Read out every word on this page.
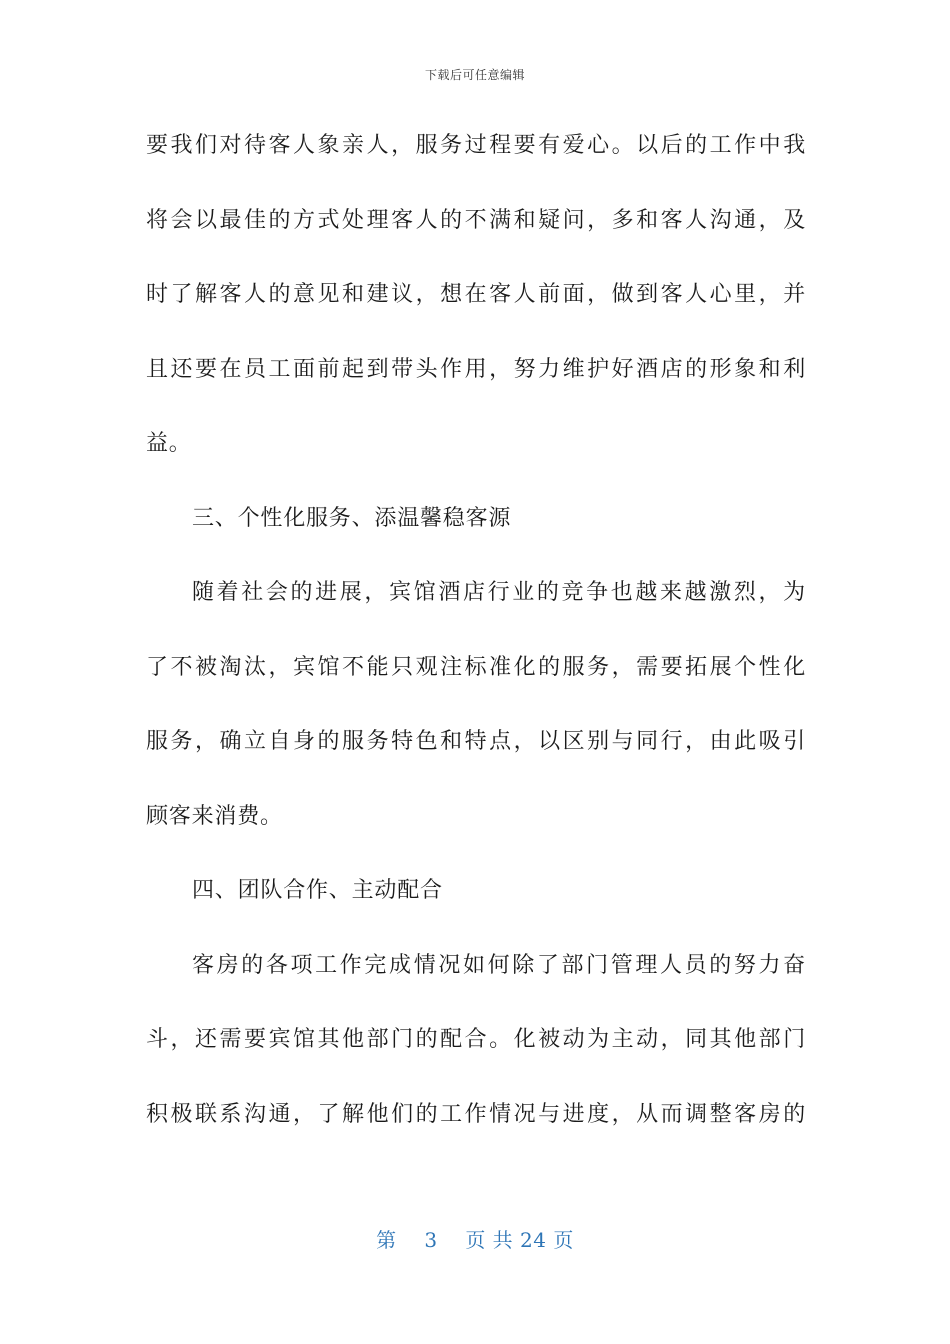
下载后可任意编辑
要我们对待客人象亲人，服务过程要有爱心。以后的工作中我
将会以最佳的方式处理客人的不满和疑问，多和客人沟通，及
时了解客人的意见和建议，想在客人前面，做到客人心里，并
且还要在员工面前起到带头作用，努力维护好酒店的形象和利
益。
三、个性化服务、添温馨稳客源
随着社会的进展，宾馆酒店行业的竞争也越来越激烈，为
了不被淘汰，宾馆不能只观注标准化的服务，需要拓展个性化
服务，确立自身的服务特色和特点，以区别与同行，由此吸引
顾客来消费。
四、团队合作、主动配合
客房的各项工作完成情况如何除了部门管理人员的努力奋
斗，还需要宾馆其他部门的配合。化被动为主动，同其他部门
积极联系沟通，了解他们的工作情况与进度，从而调整客房的
第 3 页 共 24 页
